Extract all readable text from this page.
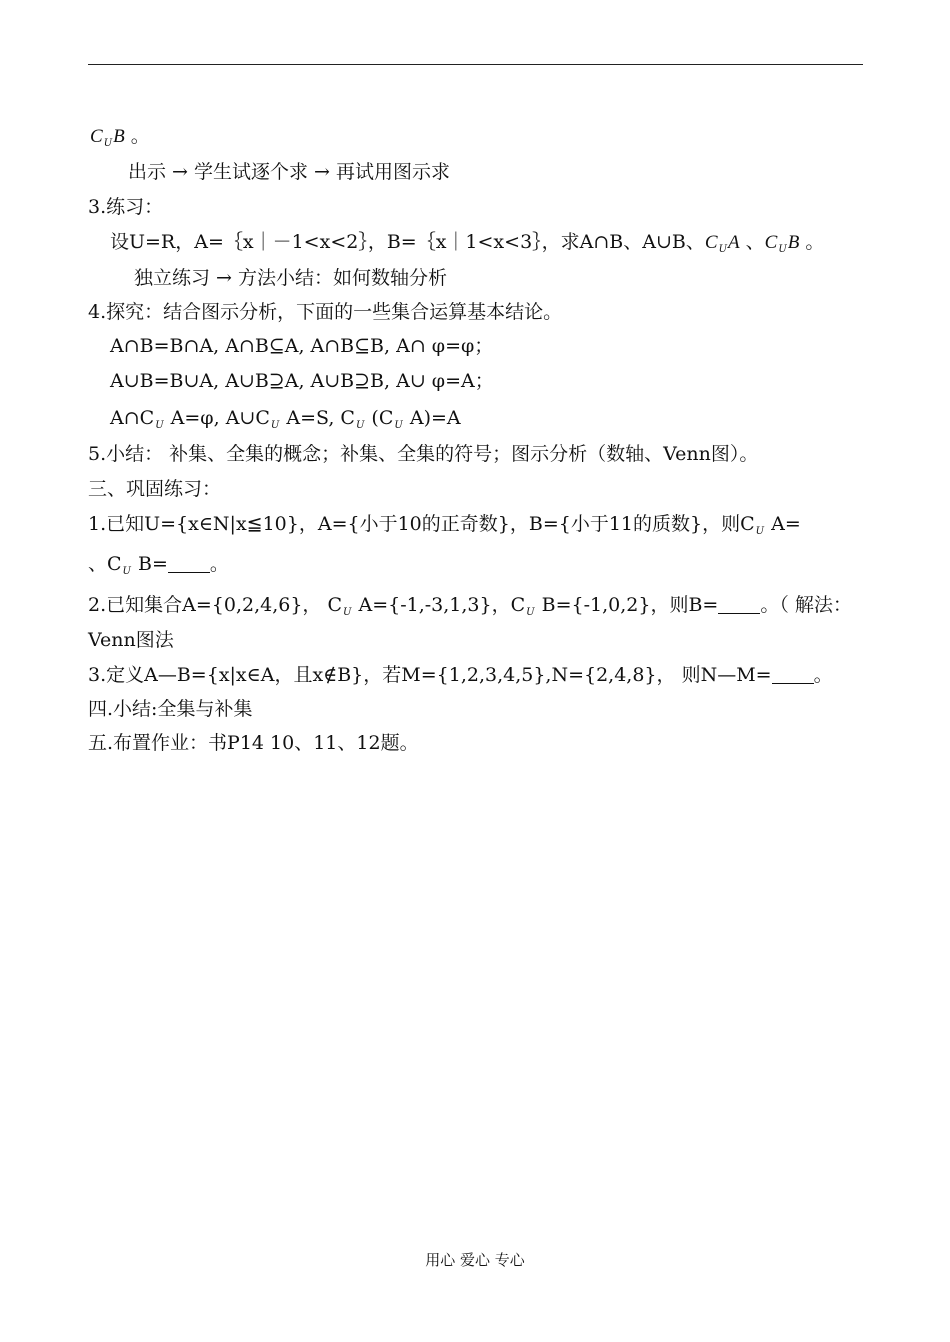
$C_UB$ 。
出示 → 学生试逐个求 → 再试用图示求
3.练习：
设U=R，A=｛x｜－1<x<2｝，B=｛x｜1<x<3｝，求A∩B、A∪B、$C_UA$ 、$C_UB$ 。
独立练习 → 方法小结：如何数轴分析
4.探究：结合图示分析，下面的一些集合运算基本结论。
A∩B=B∩A, A∩B⊆A, A∩B⊆B, A∩ φ=φ；
A∪B=B∪A, A∪B⊇A, A∪B⊇B, A∪ φ=A；
$A\cap C_U$ A=φ, $A\cup C_U$ A=S, $C_U$ ($C_U$ A)=A
5.小结： 补集、全集的概念；补集、全集的符号；图示分析（数轴、Venn图）。
三、巩固练习：
1.已知U={x∈N|x≦10}，A={小于10的正奇数}，B={小于11的质数}，则$C_U$ A=
、$C_U$ B= 。
2.已知集合A={0,2,4,6}， $C_U$ A={-1,-3,1,3}，$C_U$ B={-1,0,2}，则B= 。（ 解法：
Venn图法
3.定义A—B={x|x∈A，且x∉B}，若M={1,2,3,4,5},N={2,4,8}， 则N—M= 。
四.小结:全集与补集
五.布置作业：书P14 10、11、12题。
用心 爱心 专心
